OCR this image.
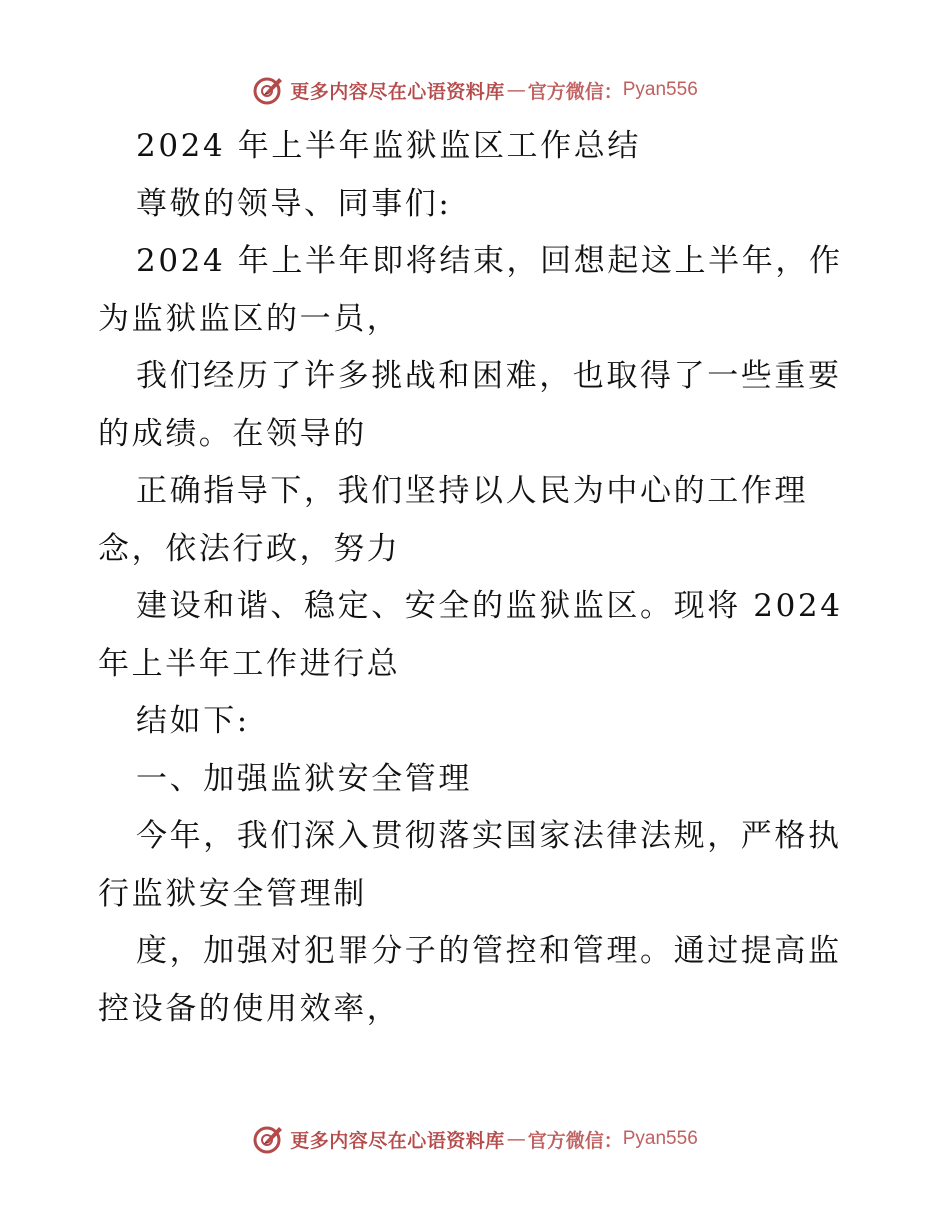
更多内容尽在心语资料库 — 官方微信： Pyan556
2024 年上半年监狱监区工作总结
尊敬的领导、同事们:
2024 年上半年即将结束，回想起这上半年，作
为监狱监区的一员，
我们经历了许多挑战和困难，也取得了一些重要
的成绩。在领导的
正确指导下，我们坚持以人民为中心的工作理
念，依法行政，努力
建设和谐、稳定、安全的监狱监区。现将 2024
年上半年工作进行总
结如下:
一、加强监狱安全管理
今年，我们深入贯彻落实国家法律法规，严格执
行监狱安全管理制
度，加强对犯罪分子的管控和管理。通过提高监
控设备的使用效率，
更多内容尽在心语资料库 — 官方微信： Pyan556
